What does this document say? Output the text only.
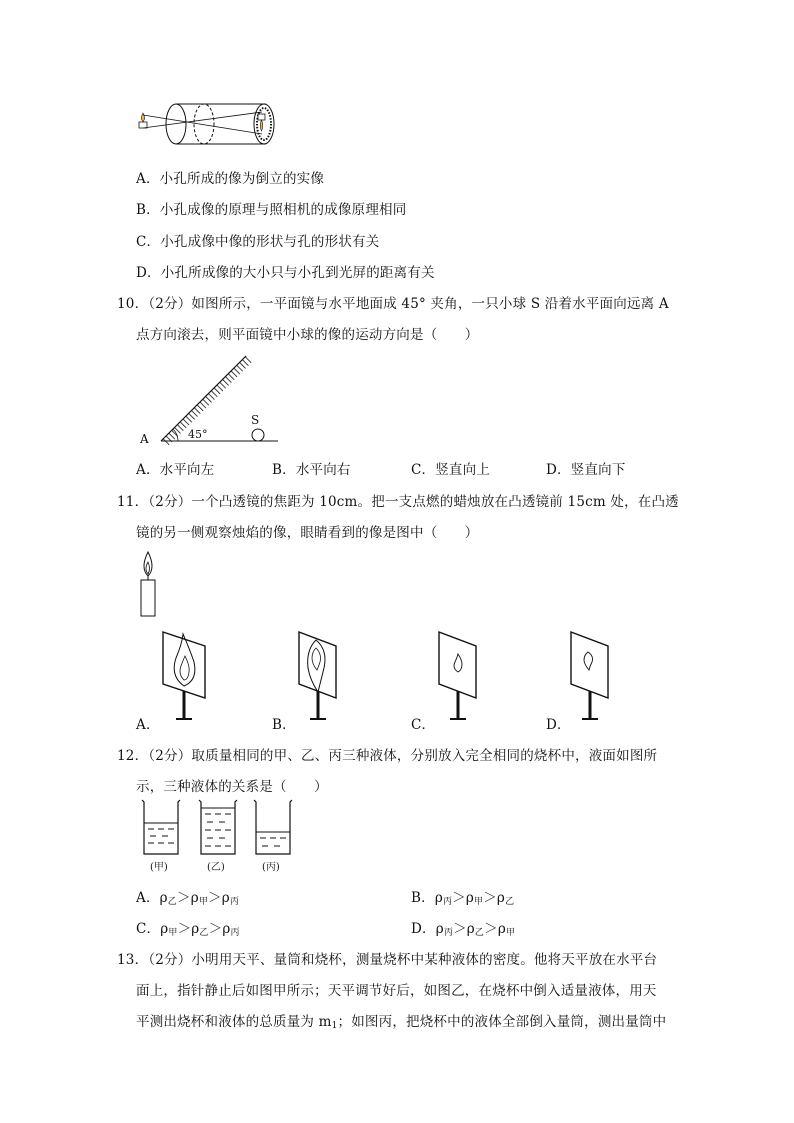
A．小孔所成的像为倒立的实像
B．小孔成像的原理与照相机的成像原理相同
C．小孔成像中像的形状与孔的形状有关
D．小孔所成像的大小只与小孔到光屏的距离有关
10．（2分）如图所示，一平面镜与水平地面成 45° 夹角，一只小球 S 沿着水平面向远离 A
点方向滚去，则平面镜中小球的像的运动方向是（　　）
A
S
45°
A．水平向左	B．水平向右	C．竖直向上	D．竖直向下
11．（2分）一个凸透镜的焦距为 10cm。把一支点燃的蜡烛放在凸透镜前 15cm 处，在凸透
镜的另一侧观察烛焰的像，眼睛看到的像是图中（　　）
A．	B．	C．	D．
12．（2分）取质量相同的甲、乙、丙三种液体，分别放入完全相同的烧杯中，液面如图所
示，三种液体的关系是（　　）
(甲)	(乙)	(丙)
A．$\rho_乙>\rho_甲>\rho_丙$	B．$\rho_丙>\rho_甲>\rho_乙$
C．$\rho_甲>\rho_乙>\rho_丙$	D．$\rho_丙>\rho_乙>\rho_甲$
13．（2分）小明用天平、量筒和烧杯，测量烧杯中某种液体的密度。他将天平放在水平台
面上，指针静止后如图甲所示；天平调节好后，如图乙，在烧杯中倒入适量液体，用天
平测出烧杯和液体的总质量为 $m_1$；如图丙，把烧杯中的液体全部倒入量筒，测出量筒中
